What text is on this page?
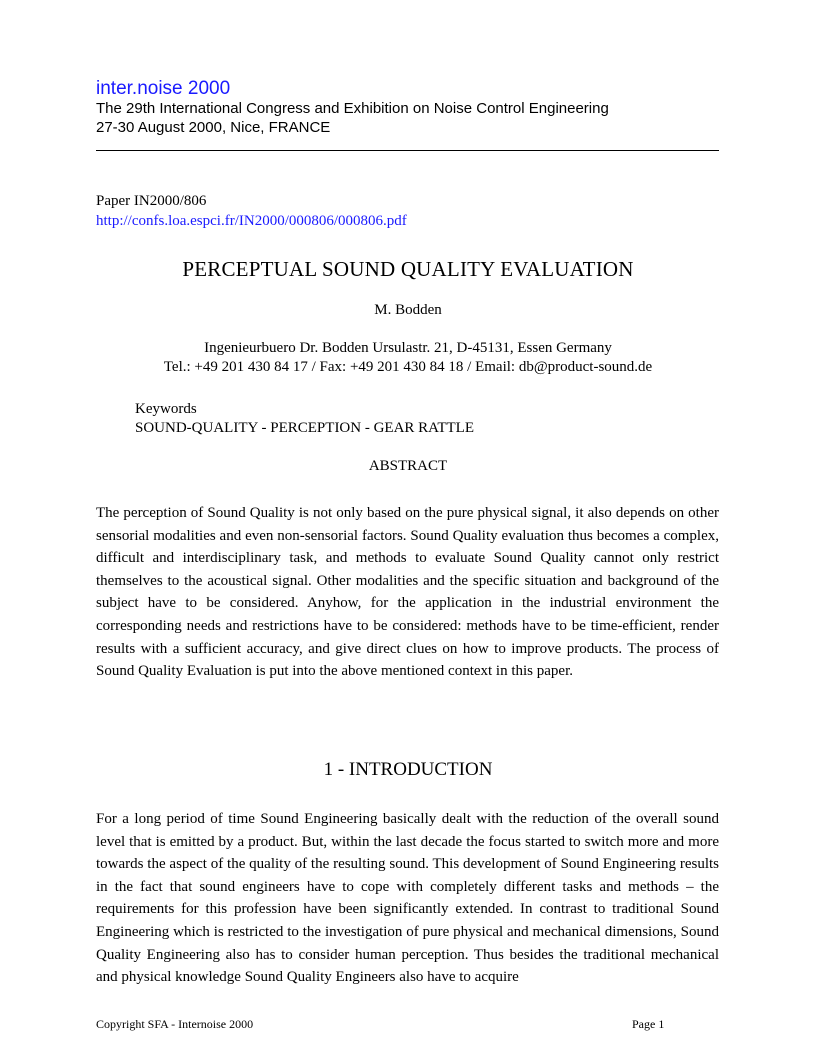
inter.noise 2000
The 29th International Congress and Exhibition on Noise Control Engineering
27-30 August 2000, Nice, FRANCE
Paper IN2000/806
http://confs.loa.espci.fr/IN2000/000806/000806.pdf
PERCEPTUAL SOUND QUALITY EVALUATION
M. Bodden
Ingenieurbuero Dr. Bodden Ursulastr. 21, D-45131, Essen Germany
Tel.: +49 201 430 84 17 / Fax: +49 201 430 84 18 / Email: db@product-sound.de
Keywords
SOUND-QUALITY - PERCEPTION - GEAR RATTLE
ABSTRACT
The perception of Sound Quality is not only based on the pure physical signal, it also depends on other sensorial modalities and even non-sensorial factors. Sound Quality evaluation thus becomes a complex, difficult and interdisciplinary task, and methods to evaluate Sound Quality cannot only restrict themselves to the acoustical signal. Other modalities and the specific situation and background of the subject have to be considered. Anyhow, for the application in the industrial environment the corresponding needs and restrictions have to be considered: methods have to be time-efficient, render results with a sufficient accuracy, and give direct clues on how to improve products. The process of Sound Quality Evaluation is put into the above mentioned context in this paper.
1 - INTRODUCTION
For a long period of time Sound Engineering basically dealt with the reduction of the overall sound level that is emitted by a product. But, within the last decade the focus started to switch more and more towards the aspect of the quality of the resulting sound. This development of Sound Engineering results in the fact that sound engineers have to cope with completely different tasks and methods – the requirements for this profession have been significantly extended. In contrast to traditional Sound Engineering which is restricted to the investigation of pure physical and mechanical dimensions, Sound Quality Engineering also has to consider human perception. Thus besides the traditional mechanical and physical knowledge Sound Quality Engineers also have to acquire
Copyright SFA - Internoise 2000	Page 1
